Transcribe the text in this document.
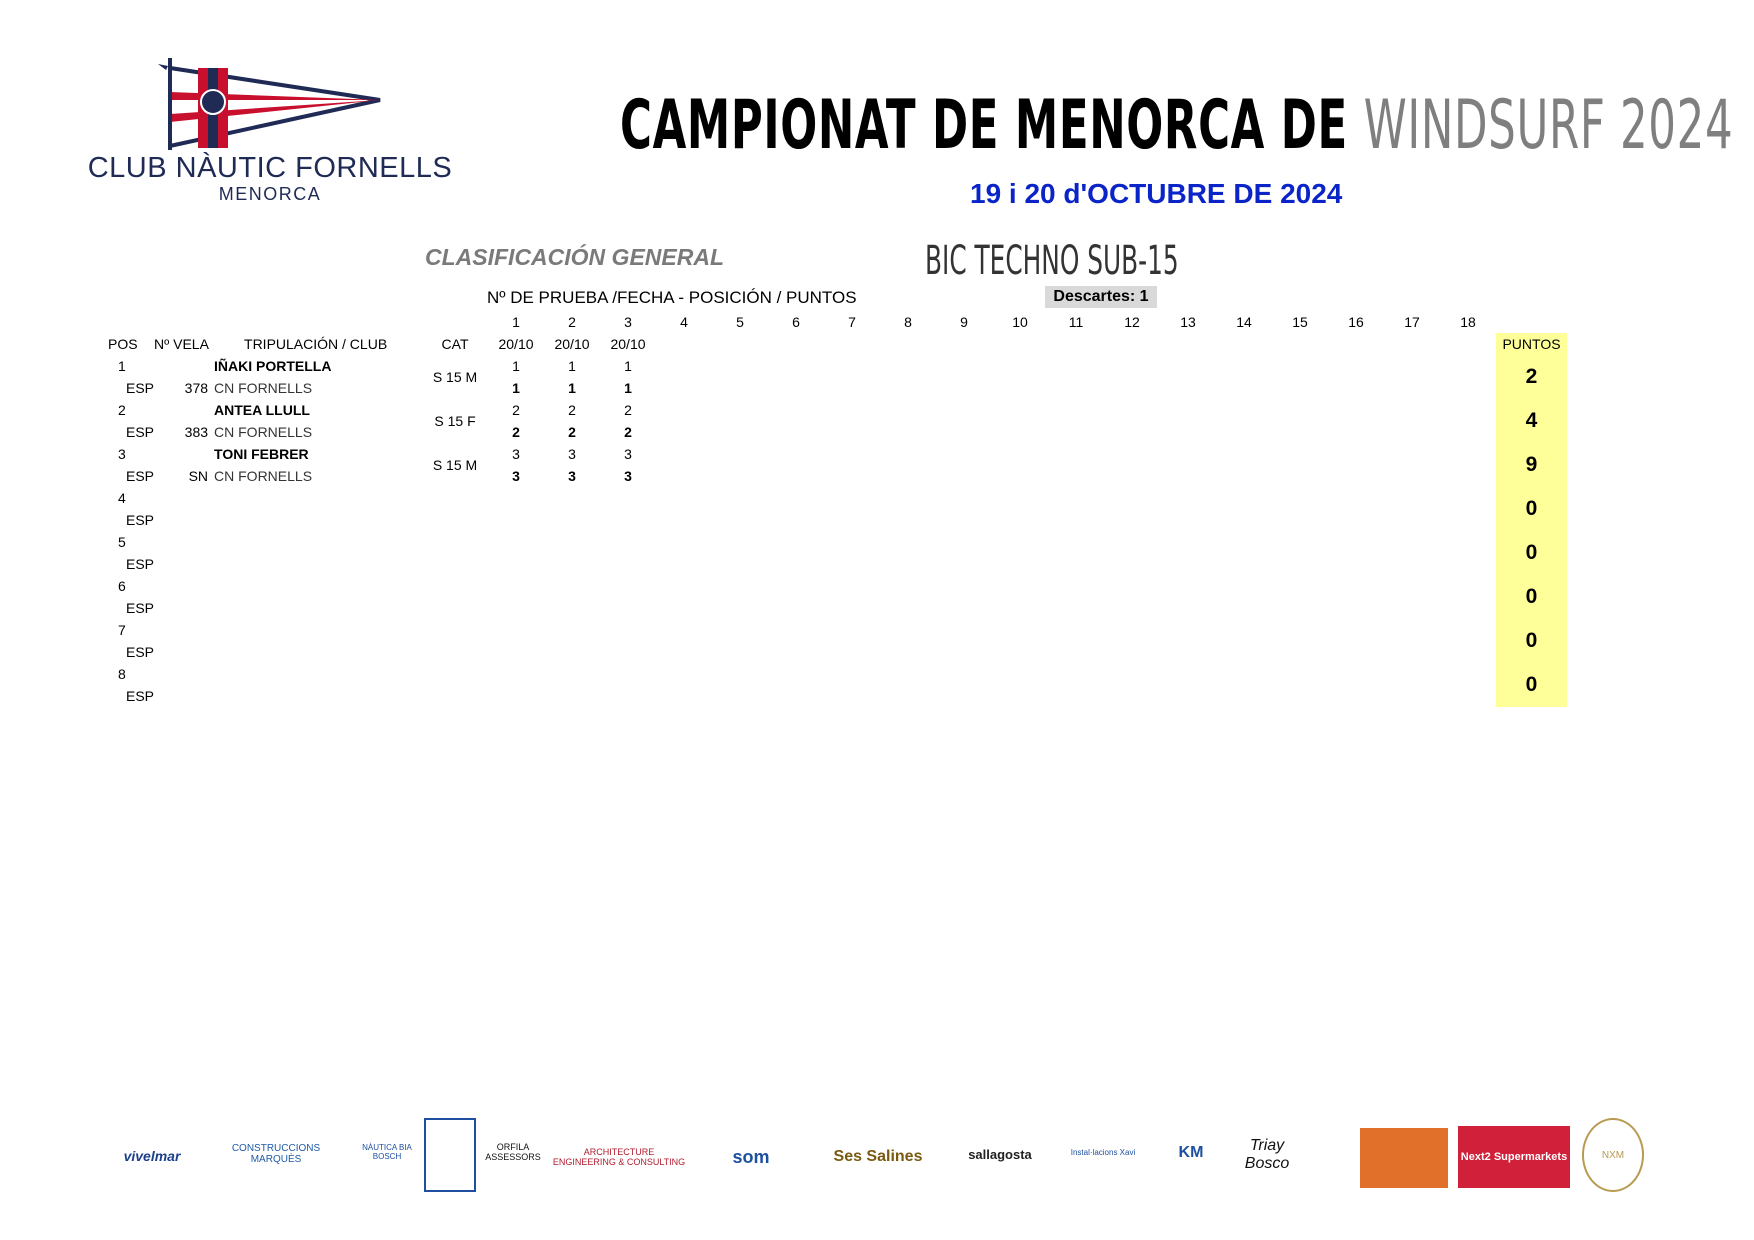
CLUB NÀUTIC FORNELLS
MENORCA
CAMPIONAT DE MENORCA DE WINDSURF 2024
19 i 20 d'OCTUBRE DE 2024
CLASIFICACIÓN GENERAL	BIC TECHNO SUB-15
Nº DE PRUEBA /FECHA - POSICIÓN / PUNTOS	Descartes: 1
				1	2	3	4	5	6	7	8	9	10	11	12	13	14	15	16	17	18	
POS	Nº VELA	TRIPULACIÓN / CLUB	CAT	20/10	20/10	20/10																PUNTOS
1		IÑAKI PORTELLA	S 15 M	1	1	1																2
ESP	378	CN FORNELLS		1	1	1																
2		ANTEA LLULL	S 15 F	2	2	2																4
ESP	383	CN FORNELLS		2	2	2																
3		TONI FEBRER	S 15 M	3	3	3																9
ESP	SN	CN FORNELLS		3	3	3																
4																						0
ESP																						
5																						0
ESP																						
6																						0
ESP																						
7																						0
ESP																						
8																						0
ESP																						
vivelmar	CONSTRUCCIONS MARQUÈS
NÀUTICA BIA BOSCH
ORFILA ASSESSORS	ARCHITECTURE ENGINEERING & CONSULTING	som	Ses Salines	sallagosta	Instal·lacions Xavi	KM	Triay Bosco	Next2 Supermarkets	NXM
